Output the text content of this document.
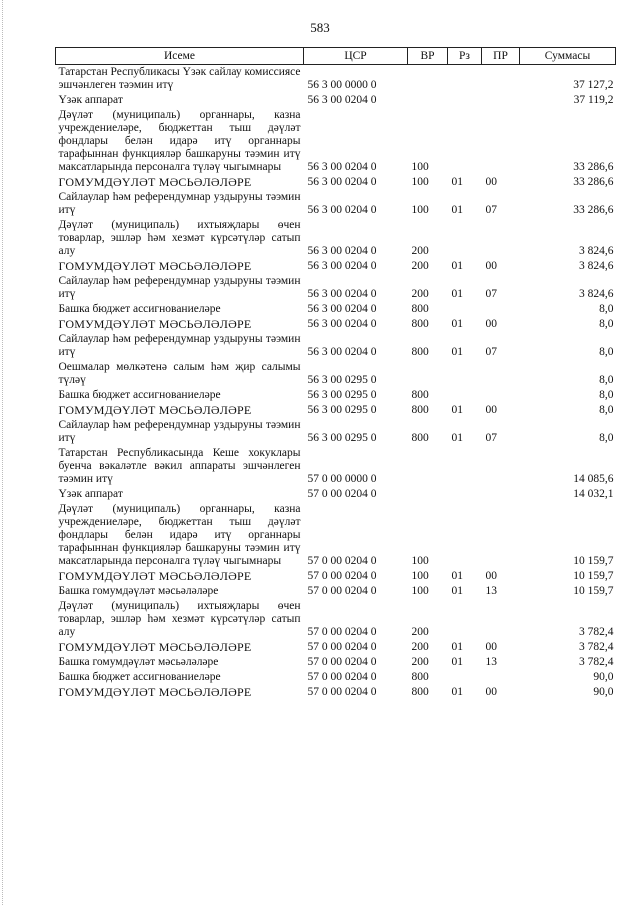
583
Исеме	ЦСР	ВР	Рз	ПР	Суммасы
Татарстан Республикасы Үзәк сайлау комиссиясе эшчәнлеген тәэмин итү	56 3 00 0000 0				37 127,2
Үзәк аппарат	56 3 00 0204 0				37 119,2
Дәүләт (муниципаль) органнары, казна учреждениеләре, бюджеттан тыш дәүләт фондлары белән идарә итү органнары тарафыннан функцияләр башкаруны тәэмин итү максатларында персоналга түләү чыгымнары	56 3 00 0204 0	100			33 286,6
ГОМУМДӘҮЛӘТ МӘСЬӘЛӘЛӘРЕ	56 3 00 0204 0	100	01	00	33 286,6
Сайлаулар һәм референдумнар уздыруны тәэмин итү	56 3 00 0204 0	100	01	07	33 286,6
Дәүләт (муниципаль) ихтыяҗлары өчен товарлар, эшләр һәм хезмәт күрсәтүләр сатып алу	56 3 00 0204 0	200			3 824,6
ГОМУМДӘҮЛӘТ МӘСЬӘЛӘЛӘРЕ	56 3 00 0204 0	200	01	00	3 824,6
Сайлаулар һәм референдумнар уздыруны тәэмин итү	56 3 00 0204 0	200	01	07	3 824,6
Башка бюджет ассигнованиеләре	56 3 00 0204 0	800			8,0
ГОМУМДӘҮЛӘТ МӘСЬӘЛӘЛӘРЕ	56 3 00 0204 0	800	01	00	8,0
Сайлаулар һәм референдумнар уздыруны тәэмин итү	56 3 00 0204 0	800	01	07	8,0
Оешмалар мөлкәтенә салым һәм җир салымы түләү	56 3 00 0295 0				8,0
Башка бюджет ассигнованиеләре	56 3 00 0295 0	800			8,0
ГОМУМДӘҮЛӘТ МӘСЬӘЛӘЛӘРЕ	56 3 00 0295 0	800	01	00	8,0
Сайлаулар һәм референдумнар уздыруны тәэмин итү	56 3 00 0295 0	800	01	07	8,0
Татарстан Республикасында Кеше хокуклары буенча вәкаләтле вәкил аппараты эшчәнлеген тәэмин итү	57 0 00 0000 0				14 085,6
Үзәк аппарат	57 0 00 0204 0				14 032,1
Дәүләт (муниципаль) органнары, казна учреждениеләре, бюджеттан тыш дәүләт фондлары белән идарә итү органнары тарафыннан функцияләр башкаруны тәэмин итү максатларында персоналга түләү чыгымнары	57 0 00 0204 0	100			10 159,7
ГОМУМДӘҮЛӘТ МӘСЬӘЛӘЛӘРЕ	57 0 00 0204 0	100	01	00	10 159,7
Башка гомумдәүләт мәсьәләләре	57 0 00 0204 0	100	01	13	10 159,7
Дәүләт (муниципаль) ихтыяҗлары өчен товарлар, эшләр һәм хезмәт күрсәтүләр сатып алу	57 0 00 0204 0	200			3 782,4
ГОМУМДӘҮЛӘТ МӘСЬӘЛӘЛӘРЕ	57 0 00 0204 0	200	01	00	3 782,4
Башка гомумдәүләт мәсьәләләре	57 0 00 0204 0	200	01	13	3 782,4
Башка бюджет ассигнованиеләре	57 0 00 0204 0	800			90,0
ГОМУМДӘҮЛӘТ МӘСЬӘЛӘЛӘРЕ	57 0 00 0204 0	800	01	00	90,0
